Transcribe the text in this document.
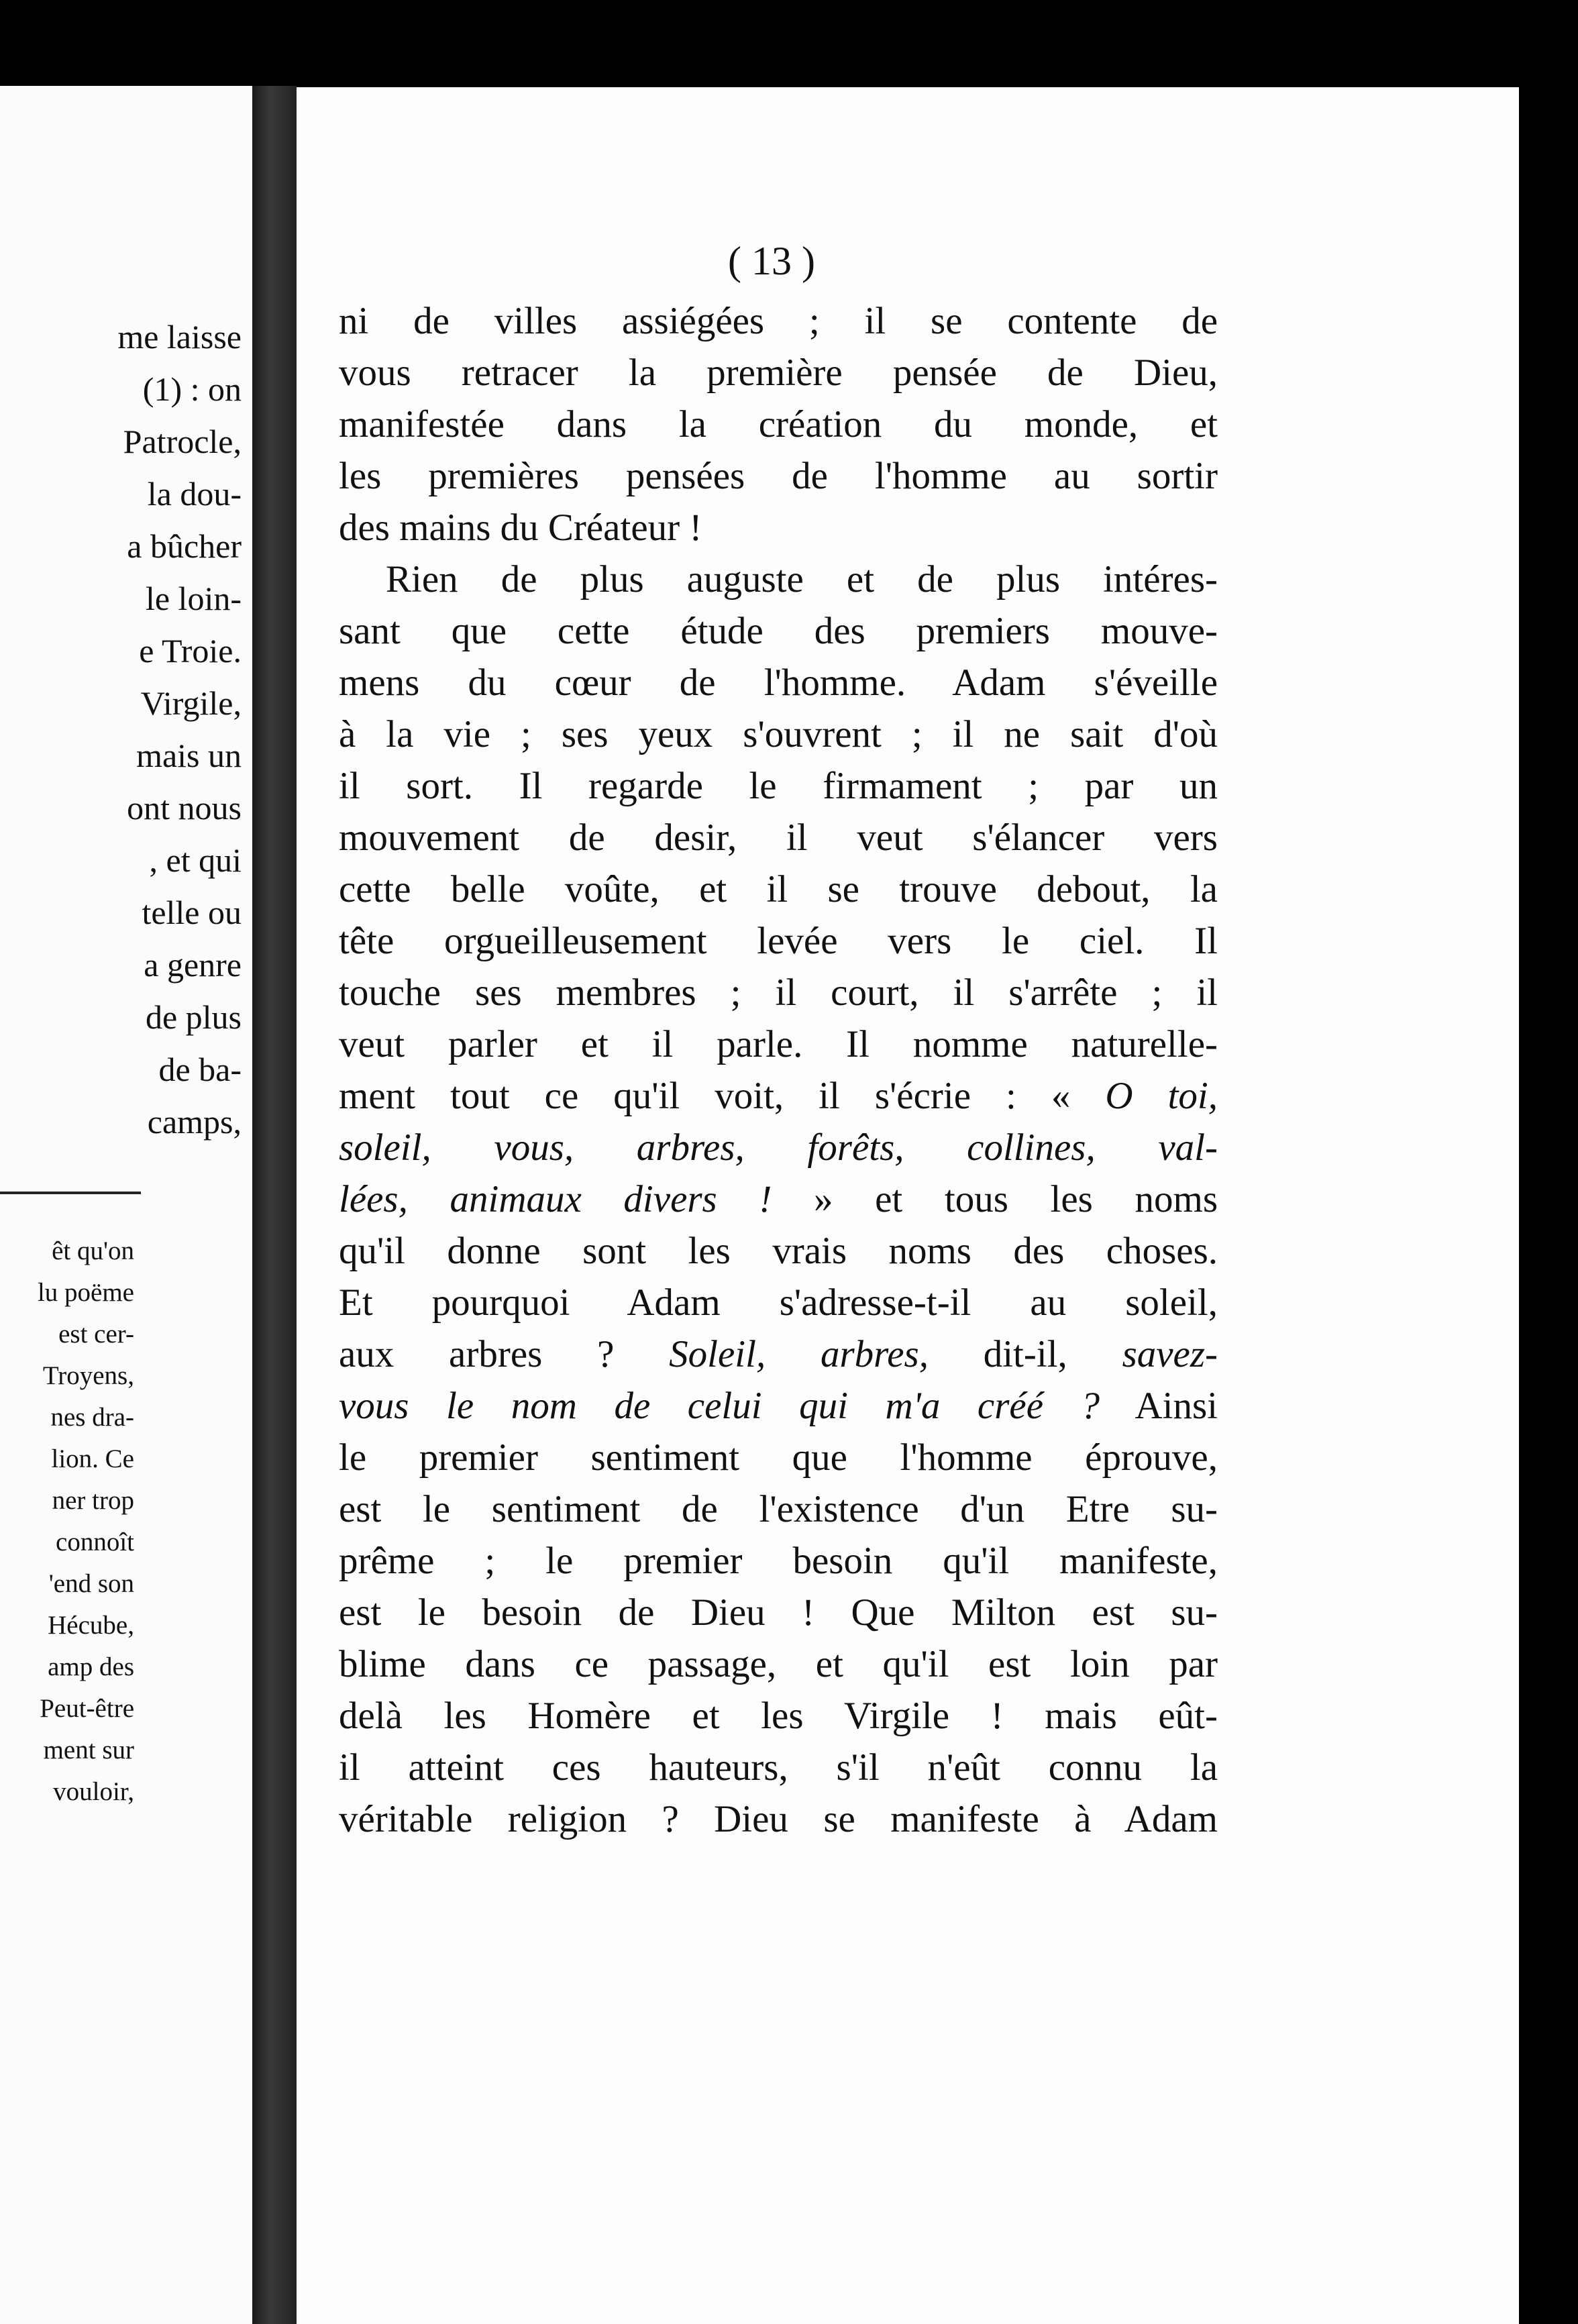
me laisse
(1) : on
Patrocle,
la dou-
a bûcher
le loin-
e Troie.
Virgile,
mais un
ont nous
, et qui
telle ou
a genre
de plus
de ba-
camps,
êt qu'on
lu poëme
est cer-
Troyens,
nes dra-
lion. Ce
ner trop
connoît
'end son
Hécube,
amp des
Peut-être
ment sur
vouloir,
( 13 )
ni de villes assiégées ; il se contente de
vous retracer la première pensée de Dieu,
manifestée dans la création du monde, et
les premières pensées de l'homme au sortir
des mains du Créateur !
Rien de plus auguste et de plus intéres-
sant que cette étude des premiers mouve-
mens du cœur de l'homme. Adam s'éveille
à la vie ; ses yeux s'ouvrent ; il ne sait d'où
il sort. Il regarde le firmament ; par un
mouvement de desir, il veut s'élancer vers
cette belle voûte, et il se trouve debout, la
tête orgueilleusement levée vers le ciel. Il
touche ses membres ; il court, il s'arrête ; il
veut parler et il parle. Il nomme naturelle-
ment tout ce qu'il voit, il s'écrie : « O toi,
soleil, vous, arbres, forêts, collines, val-
lées, animaux divers ! » et tous les noms
qu'il donne sont les vrais noms des choses.
Et pourquoi Adam s'adresse-t-il au soleil,
aux arbres ? Soleil, arbres, dit-il, savez-
vous le nom de celui qui m'a créé ? Ainsi
le premier sentiment que l'homme éprouve,
est le sentiment de l'existence d'un Etre su-
prême ; le premier besoin qu'il manifeste,
est le besoin de Dieu ! Que Milton est su-
blime dans ce passage, et qu'il est loin par
delà les Homère et les Virgile ! mais eût-
il atteint ces hauteurs, s'il n'eût connu la
véritable religion ? Dieu se manifeste à Adam
